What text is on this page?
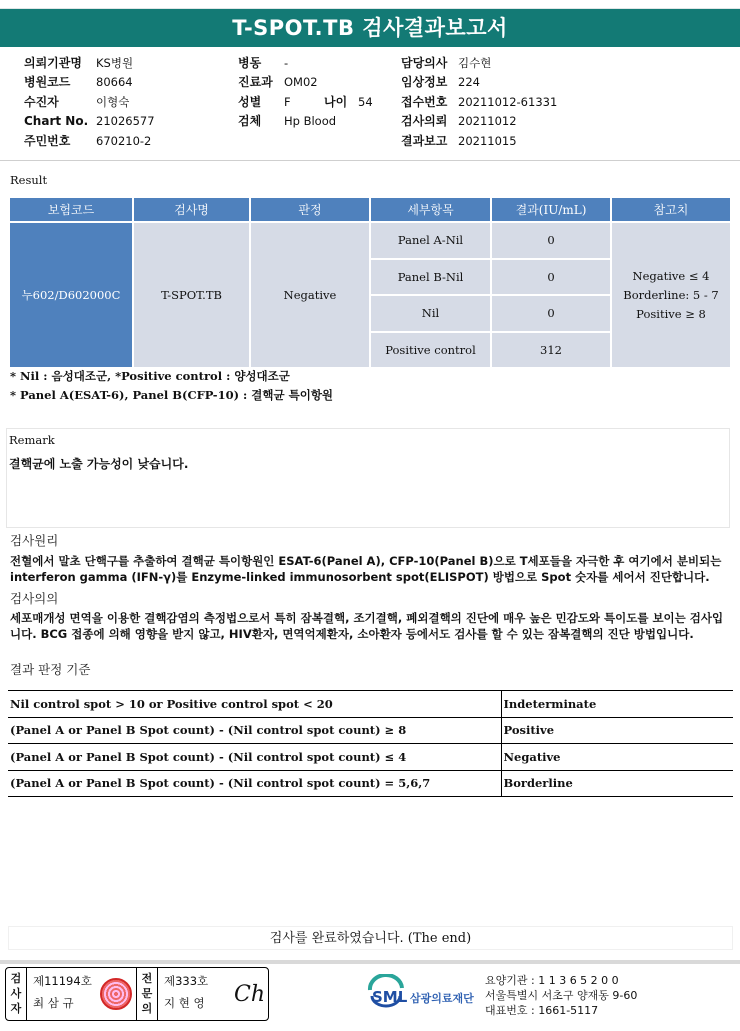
T-SPOT.TB 검사결과보고서
의뢰기관명	KS병원
병원코드	80664
수진자	이형숙
Chart No. 21026577
주민번호	670210-2
병동	-
진료과 OM02
성별	F	나이 54
검체	Hp Blood
담당의사 김수현
임상정보 224
접수번호 20211012-61331
검사의뢰 20211012
결과보고 20211015
Result
보험코드	검사명	판정	세부항목	결과(IU/mL)	참고치
누602/D602000C	T-SPOT.TB	Negative	Panel A-Nil	0	Negative ≤ 4
Borderline: 5 - 7
Positive ≥ 8

			Panel B-Nil	0	
			Nil	0	
			Positive control	312	
* Nil : 음성대조군, *Positive control : 양성대조군
* Panel A(ESAT-6), Panel B(CFP-10) : 결핵균 특이항원
Remark
결핵균에 노출 가능성이 낮습니다.
검사원리
전혈에서 말초 단핵구를 추출하여 결핵균 특이항원인 ESAT-6(Panel A), CFP-10(Panel B)으로 T세포들을 자극한 후 여기에서 분비되는 interferon gamma (IFN-γ)를 Enzyme-linked immunosorbent spot(ELISPOT) 방법으로 Spot 숫자를 세어서 진단합니다.
검사의의
세포매개성 면역을 이용한 결핵감염의 측정법으로서 특히 잠복결핵, 조기결핵, 폐외결핵의 진단에 매우 높은 민감도와 특이도를 보이는 검사입니다. BCG 접종에 의해 영향을 받지 않고, HIV환자, 면역억제환자, 소아환자 등에서도 검사를 할 수 있는 잠복결핵의 진단 방법입니다.
결과 판정 기준
Nil control spot > 10 or Positive control spot < 20	Indeterminate
(Panel A or Panel B Spot count) - (Nil control spot count) ≥ 8	Positive
(Panel A or Panel B Spot count) - (Nil control spot count) ≤ 4	Negative
(Panel A or Panel B Spot count) - (Nil control spot count) = 5,6,7	Borderline
검사를 완료하였습니다. (The end)
검사자
제11194호
최 삼 규
전문의
제333호
지 현 영 Ch	SML 삼광의료재단
요양기관 : 1 1 3 6 5 2 0 0
서울특별시 서초구 양재동 9-60
대표번호 : 1661-5117
